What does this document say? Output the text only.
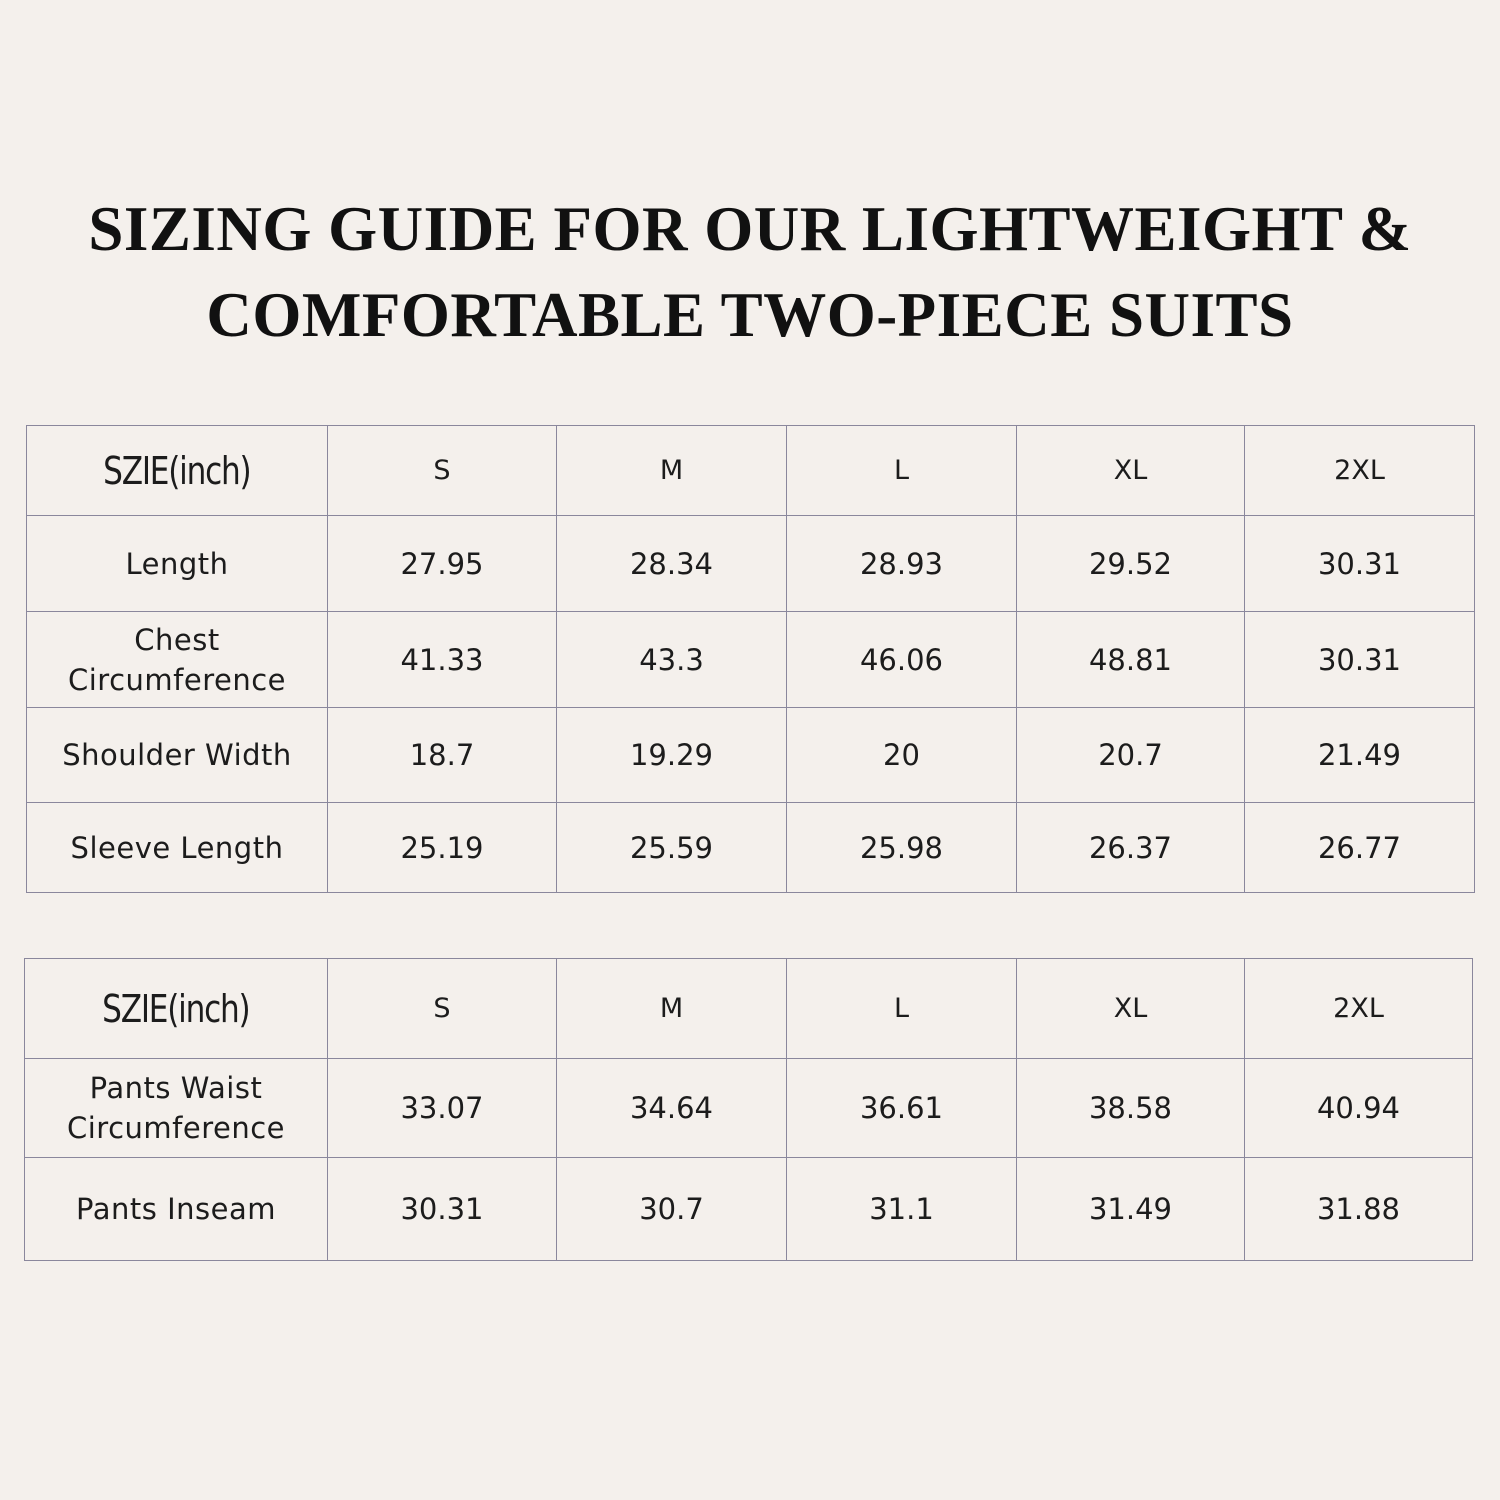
SIZING GUIDE FOR OUR LIGHTWEIGHT &
COMFORTABLE TWO-PIECE SUITS
SZIE(inch)	S	M	L	XL	2XL
Length	27.95	28.34	28.93	29.52	30.31

Chest
Circumference	41.33	43.3	46.06	48.81	30.31
Shoulder Width	18.7	19.29	20	20.7	21.49
Sleeve Length	25.19	25.59	25.98	26.37	26.77
SZIE(inch)	S	M	L	XL	2XL

Pants Waist
Circumference	33.07	34.64	36.61	38.58	40.94
Pants Inseam	30.31	30.7	31.1	31.49	31.88
